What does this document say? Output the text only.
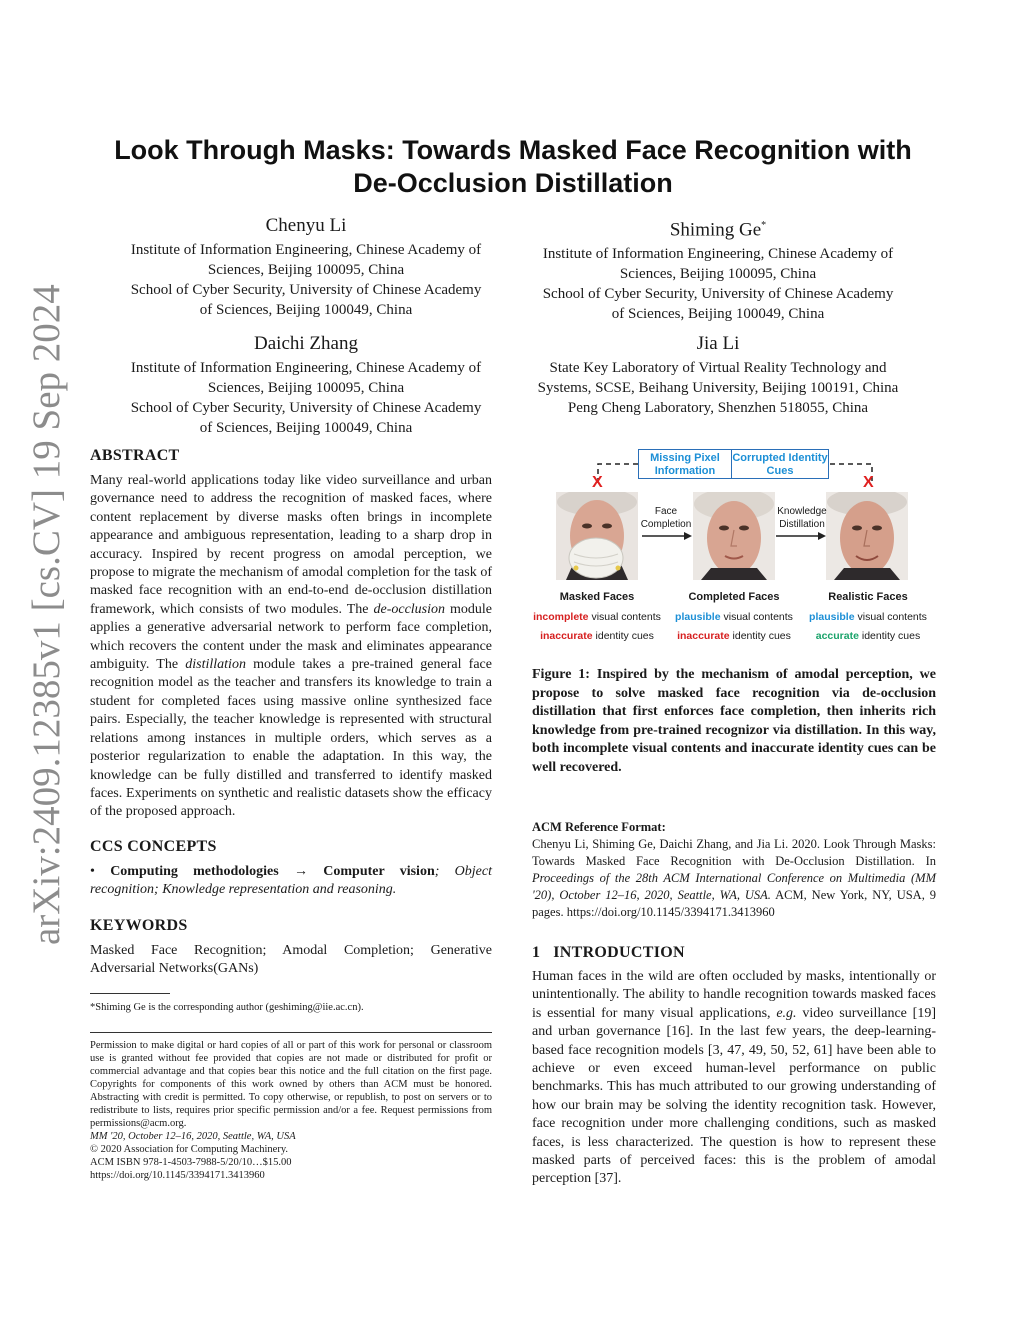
arXiv:2409.12385v1 [cs.CV] 19 Sep 2024
Look Through Masks: Towards Masked Face Recognition with
De-Occlusion Distillation
Chenyu Li
Institute of Information Engineering, Chinese Academy of
Sciences, Beijing 100095, China
School of Cyber Security, University of Chinese Academy
of Sciences, Beijing 100049, China
Shiming Ge*
Institute of Information Engineering, Chinese Academy of
Sciences, Beijing 100095, China
School of Cyber Security, University of Chinese Academy
of Sciences, Beijing 100049, China
Daichi Zhang
Institute of Information Engineering, Chinese Academy of
Sciences, Beijing 100095, China
School of Cyber Security, University of Chinese Academy
of Sciences, Beijing 100049, China
Jia Li
State Key Laboratory of Virtual Reality Technology and
Systems, SCSE, Beihang University, Beijing 100191, China
Peng Cheng Laboratory, Shenzhen 518055, China
ABSTRACT
Many real-world applications today like video surveillance and urban governance need to address the recognition of masked faces, where content replacement by diverse masks often brings in incomplete appearance and ambiguous representation, leading to a sharp drop in accuracy. Inspired by recent progress on amodal perception, we propose to migrate the mechanism of amodal completion for the task of masked face recognition with an end-to-end de-occlusion distillation framework, which consists of two modules. The de-occlusion module applies a generative adversarial network to perform face completion, which recovers the content under the mask and eliminates appearance ambiguity. The distillation module takes a pre-trained general face recognition model as the teacher and transfers its knowledge to train a student for completed faces using massive online synthesized face pairs. Especially, the teacher knowledge is represented with structural relations among instances in multiple orders, which serves as a posterior regularization to enable the adaptation. In this way, the knowledge can be fully distilled and transferred to identify masked faces. Experiments on synthetic and realistic datasets show the efficacy of the proposed approach.
CCS CONCEPTS
• Computing methodologies → Computer vision; Object recognition; Knowledge representation and reasoning.
KEYWORDS
Masked Face Recognition; Amodal Completion; Generative Adversarial Networks(GANs)
*Shiming Ge is the corresponding author (geshiming@iie.ac.cn).
Permission to make digital or hard copies of all or part of this work for personal or classroom use is granted without fee provided that copies are not made or distributed for profit or commercial advantage and that copies bear this notice and the full citation on the first page. Copyrights for components of this work owned by others than ACM must be honored. Abstracting with credit is permitted. To copy otherwise, or republish, to post on servers or to redistribute to lists, requires prior specific permission and/or a fee. Request permissions from permissions@acm.org.
MM '20, October 12–16, 2020, Seattle, WA, USA
© 2020 Association for Computing Machinery.
ACM ISBN 978-1-4503-7988-5/20/10…$15.00
https://doi.org/10.1145/3394171.3413960
Missing Pixel Information
Corrupted Identity Cues
X	X
Face Completion
Knowledge Distillation
Masked Faces	Completed Faces	Realistic Faces
incomplete visual contents	plausible visual contents	plausible visual contents
inaccurate identity cues	inaccurate identity cues	accurate identity cues
Figure 1: Inspired by the mechanism of amodal perception, we propose to solve masked face recognition via de-occlusion distillation that first enforces face completion, then inherits rich knowledge from pre-trained recognizor via distillation. In this way, both incomplete visual contents and inaccurate identity cues can be well recovered.
ACM Reference Format:
Chenyu Li, Shiming Ge, Daichi Zhang, and Jia Li. 2020. Look Through Masks: Towards Masked Face Recognition with De-Occlusion Distillation. In Proceedings of the 28th ACM International Conference on Multimedia (MM '20), October 12–16, 2020, Seattle, WA, USA. ACM, New York, NY, USA, 9 pages. https://doi.org/10.1145/3394171.3413960
1 INTRODUCTION
Human faces in the wild are often occluded by masks, intentionally or unintentionally. The ability to handle recognition towards masked faces is essential for many visual applications, e.g. video surveillance [19] and urban governance [16]. In the last few years, the deep-learning-based face recognition models [3, 47, 49, 50, 52, 61] have been able to achieve or even exceed human-level performance on public benchmarks. This has much attributed to our growing understanding of how our brain may be solving the identity recognition task. However, face recognition under more challenging conditions, such as masked faces, is less characterized. The question is how to represent these masked parts of perceived faces: this is the problem of amodal perception [37].
